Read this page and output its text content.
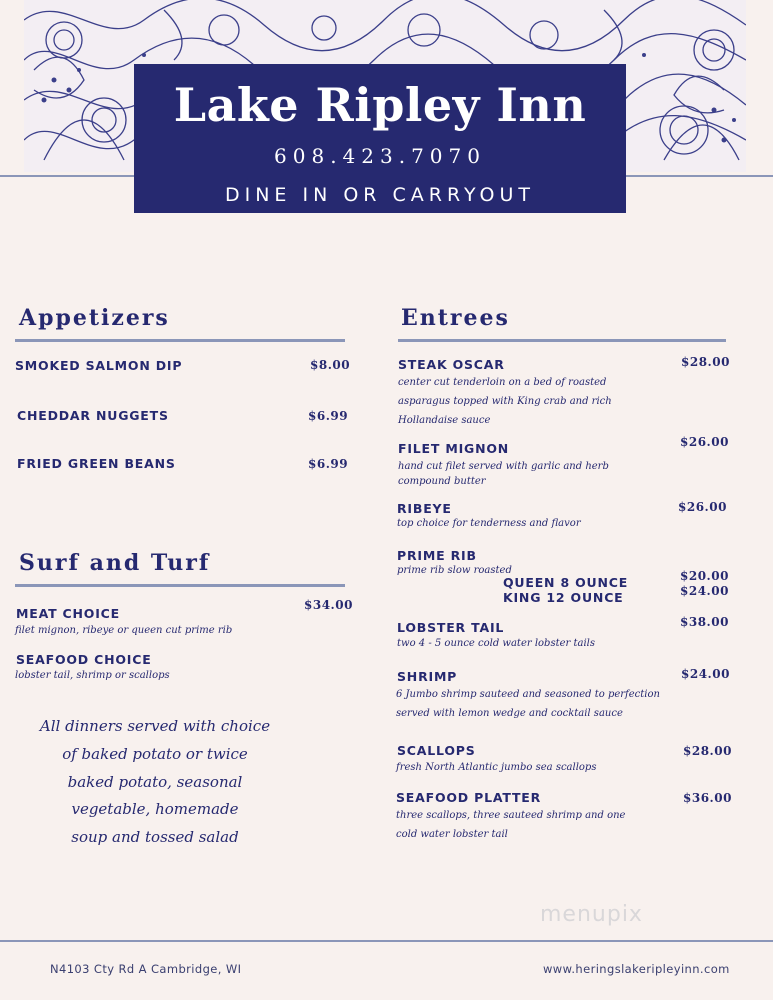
Lake Ripley Inn
608.423.7070
DINE IN OR CARRYOUT
Appetizers
SMOKED SALMON DIP	$8.00
CHEDDAR NUGGETS	$6.99
FRIED GREEN BEANS	$6.99
Surf and Turf
$34.00
MEAT CHOICE
filet mignon, ribeye or queen cut prime rib
SEAFOOD CHOICE
lobster tail, shrimp or scallops
All dinners served with choice
of baked potato or twice
baked potato, seasonal
vegetable, homemade
soup and tossed salad
Entrees
STEAK OSCAR	$28.00
center cut tenderloin on a bed of roasted
asparagus topped with King crab and rich
Hollandaise sauce
FILET MIGNON	$26.00
hand cut filet served with garlic and herb
compound butter
RIBEYE	$26.00
top choice for tenderness and flavor
PRIME RIB
prime rib slow roasted
QUEEN 8 OUNCE	$20.00
KING 12 OUNCE	$24.00
LOBSTER TAIL	$38.00
two 4 - 5 ounce cold water lobster tails
SHRIMP	$24.00
6 Jumbo shrimp sauteed and seasoned to perfection
served with lemon wedge and cocktail sauce
SCALLOPS	$28.00
fresh North Atlantic jumbo sea scallops
SEAFOOD PLATTER	$36.00
three scallops, three sauteed shrimp and one
cold water lobster tail
menupix
N4103 Cty Rd A Cambridge, WI	www.heringslakeripleyinn.com
